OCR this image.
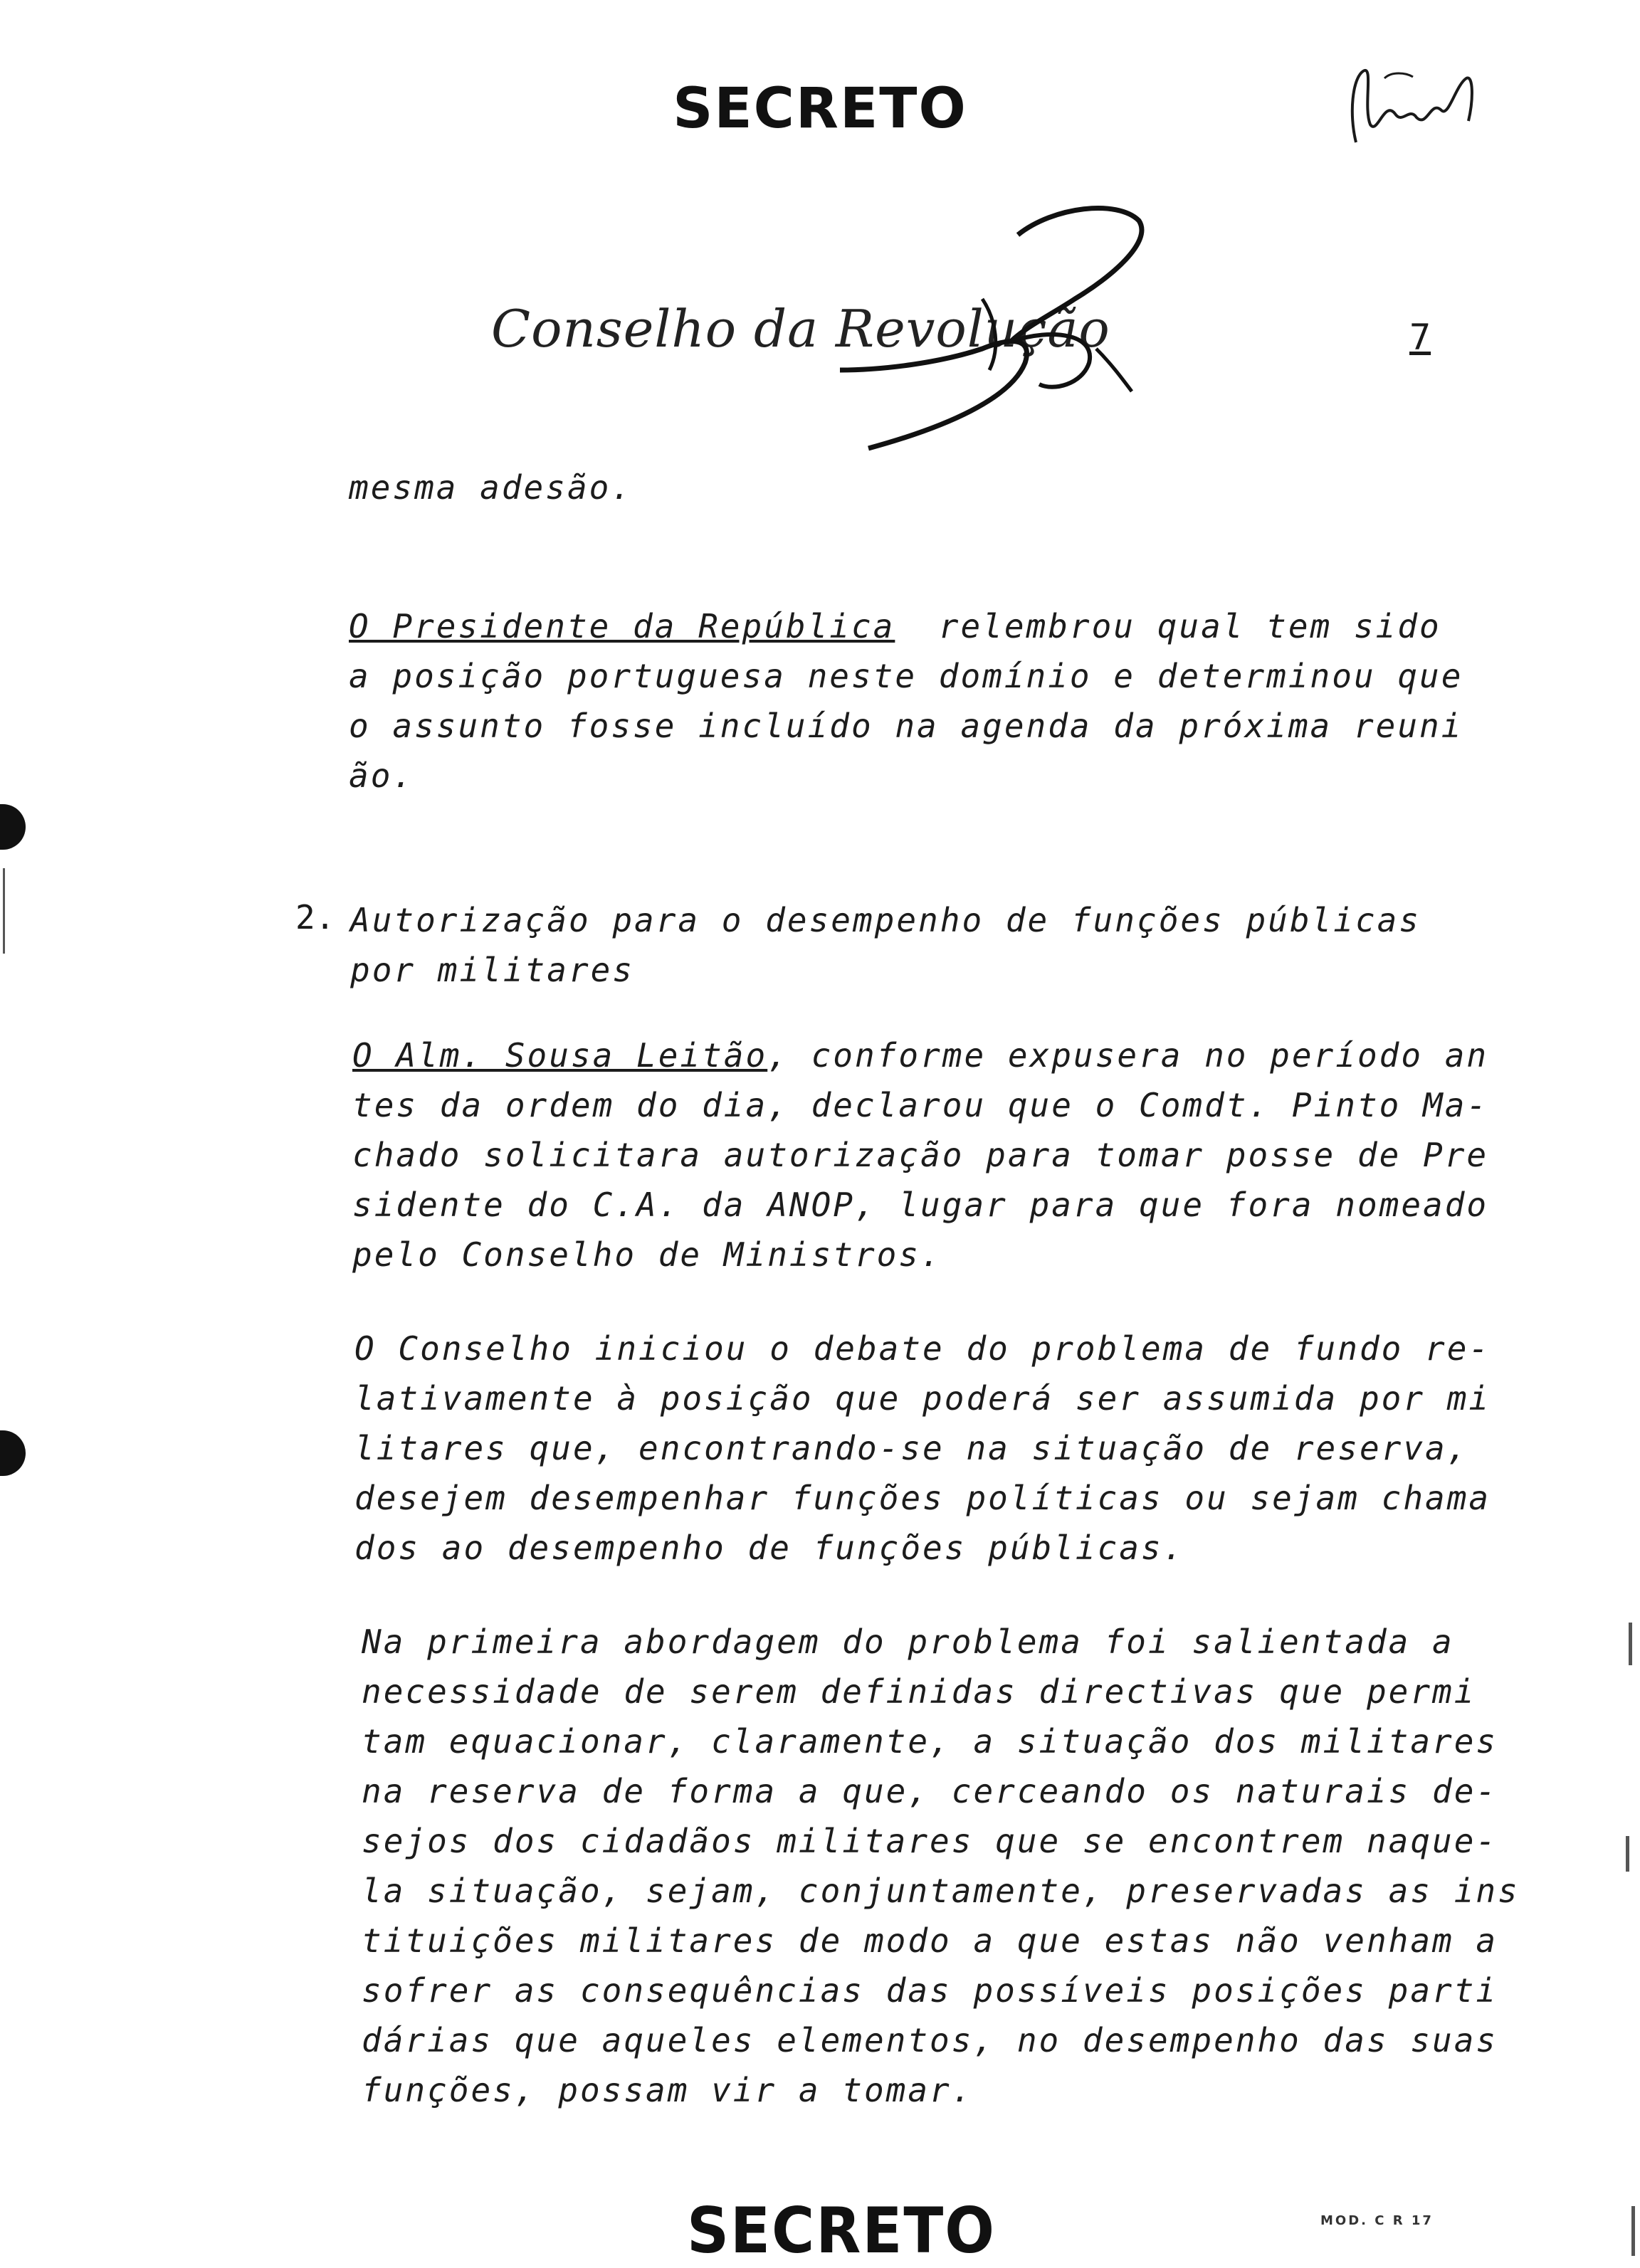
SECRETO
Conselho da Revolução	7
mesma adesão.

O Presidente da República relembrou qual tem sido

a posição portuguesa neste domínio e determinou que

o assunto fosse incluído na agenda da próxima reuni

ão.

2. Autorização para o desempenho de funções públicas

por militares

O Alm. Sousa Leitão, conforme expusera no período an

tes da ordem do dia, declarou que o Comdt. Pinto Ma-

chado solicitara autorização para tomar posse de Pre

sidente do C.A. da ANOP, lugar para que fora nomeado

pelo Conselho de Ministros.

O Conselho iniciou o debate do problema de fundo re-

lativamente à posição que poderá ser assumida por mi

litares que, encontrando-se na situação de reserva,

desejem desempenhar funções políticas ou sejam chama

dos ao desempenho de funções públicas.

Na primeira abordagem do problema foi salientada a

necessidade de serem definidas directivas que permi

tam equacionar, claramente, a situação dos militares

na reserva de forma a que, cerceando os naturais de-

sejos dos cidadãos militares que se encontrem naque-

la situação, sejam, conjuntamente, preservadas as ins

tituições militares de modo a que estas não venham a

sofrer as consequências das possíveis posições parti

dárias que aqueles elementos, no desempenho das suas

funções, possam vir a tomar.

SECRETO	MOD. C R 17
